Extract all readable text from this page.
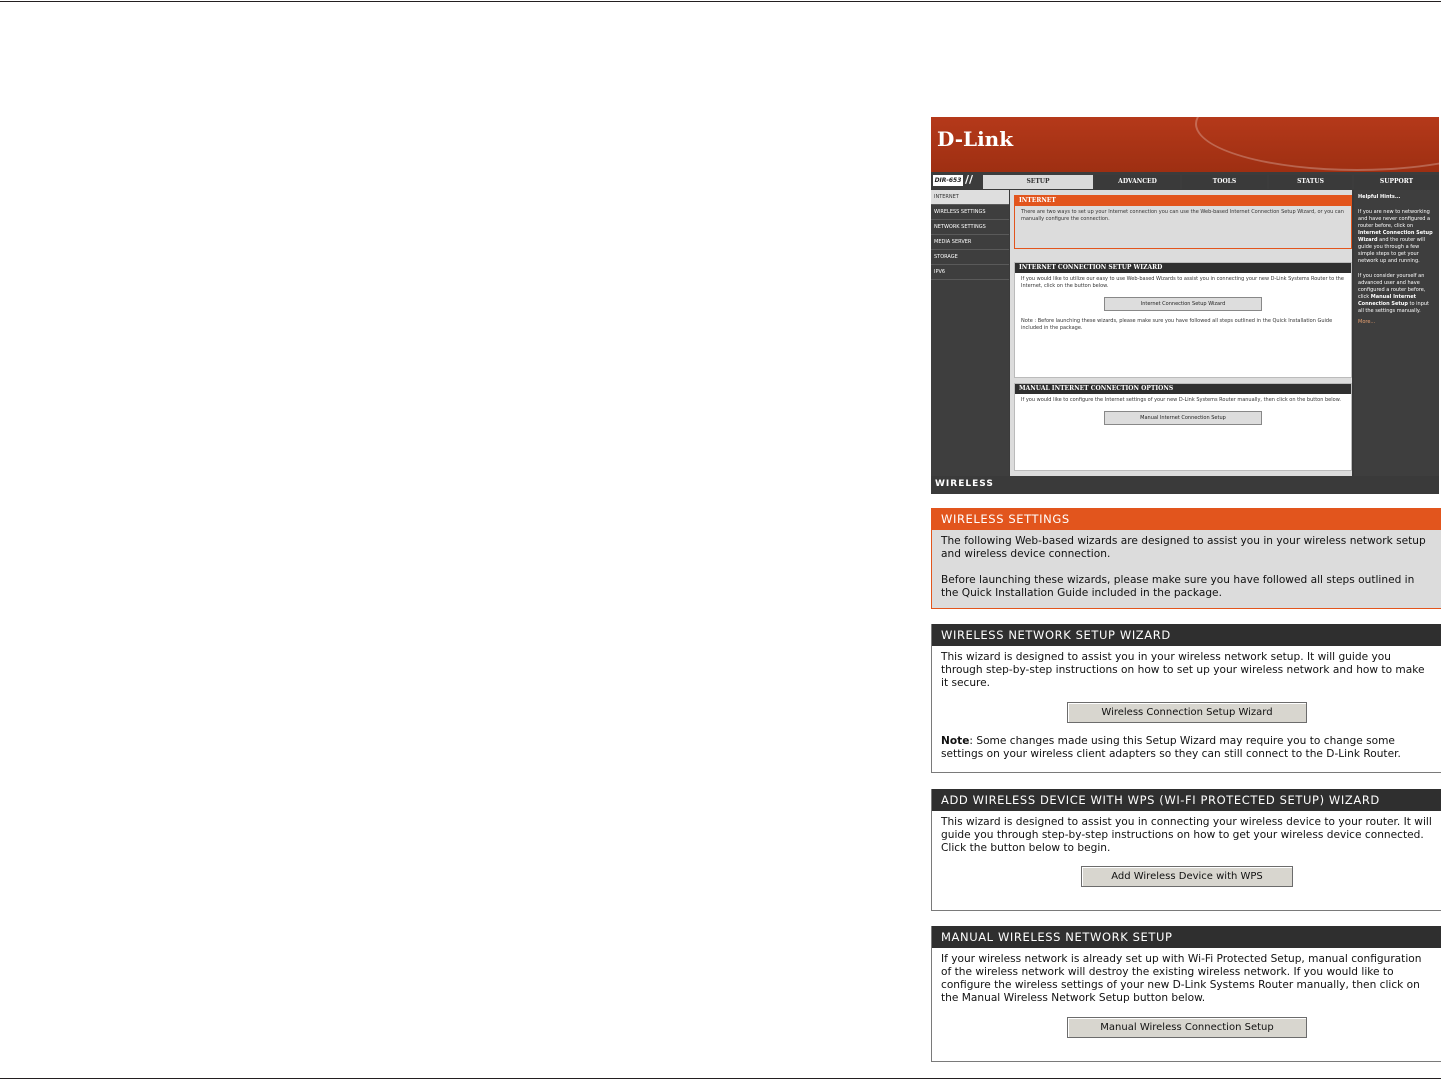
D-Link
DIR-653 //	SETUP	ADVANCED	TOOLS	STATUS	SUPPORT
INTERNET
WIRELESS SETTINGS
NETWORK SETTINGS
MEDIA SERVER
STORAGE
IPV6
INTERNET
There are two ways to set up your Internet connection you can use the Web-based Internet Connection Setup Wizard, or you can manually configure the connection.
INTERNET CONNECTION SETUP WIZARD
If you would like to utilize our easy to use Web-based Wizards to assist you in connecting your new D-Link Systems Router to the Internet, click on the button below.
Internet Connection Setup Wizard
Note : Before launching these wizards, please make sure you have followed all steps outlined in the Quick Installation Guide included in the package.
MANUAL INTERNET CONNECTION OPTIONS
If you would like to configure the Internet settings of your new D-Link Systems Router manually, then click on the button below.
Manual Internet Connection Setup
Helpful Hints...
If you are new to networking and have never configured a router before, click on Internet Connection Setup Wizard and the router will guide you through a few simple steps to get your network up and running.
If you consider yourself an advanced user and have configured a router before, click Manual Internet Connection Setup to input all the settings manually.
More...
WIRELESS
WIRELESS SETTINGS

The following Web-based wizards are designed to assist you in your wireless network setup and wireless device connection.

Before launching these wizards, please make sure you have followed all steps outlined in the Quick Installation Guide included in the package.

WIRELESS NETWORK SETUP WIZARD

This wizard is designed to assist you in your wireless network setup. It will guide you through step-by-step instructions on how to set up your wireless network and how to make it secure.

Wireless Connection Setup Wizard

Note: Some changes made using this Setup Wizard may require you to change some settings on your wireless client adapters so they can still connect to the D-Link Router.

ADD WIRELESS DEVICE WITH WPS (WI-FI PROTECTED SETUP) WIZARD

This wizard is designed to assist you in connecting your wireless device to your router. It will guide you through step-by-step instructions on how to get your wireless device connected. Click the button below to begin.

Add Wireless Device with WPS
MANUAL WIRELESS NETWORK SETUP

If your wireless network is already set up with Wi-Fi Protected Setup, manual configuration of the wireless network will destroy the existing wireless network. If you would like to configure the wireless settings of your new D-Link Systems Router manually, then click on the Manual Wireless Network Setup button below.

Manual Wireless Connection Setup
